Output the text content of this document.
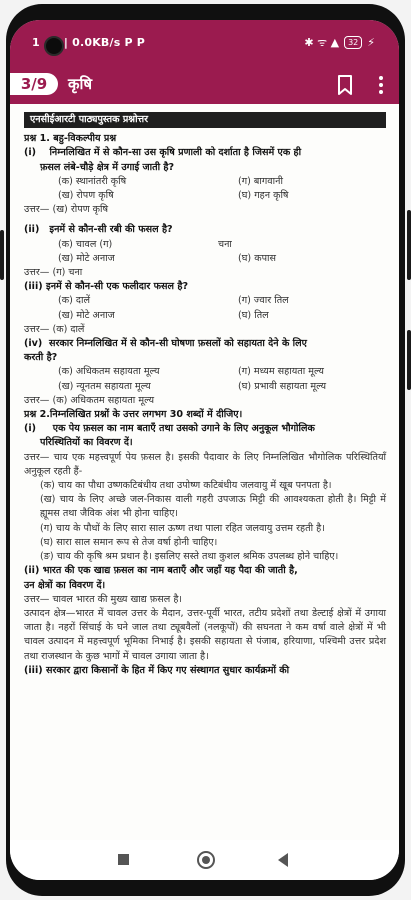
1 | 0.0KB/s P P	✱ ᯤ ▲	32 ⚡
3/9	कृषि
एनसीईआरटी पाठ्यपुस्तक प्रश्नोत्तर
प्रश्न 1. बहु-विकल्पीय प्रश्न
(i) निम्नलिखित में से कौन-सा उस कृषि प्रणाली को दर्शाता है जिसमें एक ही
फ़सल लंबे-चौड़े क्षेत्र में उगाई जाती है?
(क) स्थानांतरी कृषि	(ग) बागवानी
(ख) रोपण कृषि	(घ) गहन कृषि
उत्तर— (ख) रोपण कृषि
(ii) इनमें से कौन-सी रबी की फसल है?
(क) चावल (ग)	चना
(ख) मोटे अनाज	(घ) कपास
उत्तर— (ग) चना
(iii) इनमें से कौन-सी एक फलीदार फसल है?
(क) दालें	(ग) ज्वार तिल
(ख) मोटे अनाज	(घ) तिल
उत्तर— (क) दालें
(iv) सरकार निम्नलिखित में से कौन-सी घोषणा फ़सलों को सहायता देने के लिए
करती है?
(क) अधिकतम सहायता मूल्य	(ग) मध्यम सहायता मूल्य
(ख) न्यूनतम सहायता मूल्य	(घ) प्रभावी सहायता मूल्य
उत्तर— (क) अधिकतम सहायता मूल्य
प्रश्न 2.निम्नलिखित प्रश्नों के उत्तर लगभग 30 शब्दों में दीजिए।
(i) एक पेय फ़सल का नाम बताएँ तथा उसको उगाने के लिए अनुकूल भौगोलिक
परिस्थितियों का विवरण दें।
उत्तर— चाय एक महत्त्वपूर्ण पेय फ़सल है। इसकी पैदावार के लिए निम्नलिखित भौगोलिक परिस्थितियाँ अनुकूल रहती हैं-
(क) चाय का पौधा उष्णकटिबंधीय तथा उपोष्ण कटिबंधीय जलवायु में खूब पनपता है।
(ख) चाय के लिए अच्छे जल-निकास वाली गहरी उपजाऊ मिट्टी की आवश्यकता होती है। मिट्टी में ह्यूमस तथा जैविक अंश भी होना चाहिए।
(ग) चाय के पौधों के लिए सारा साल ऊष्ण तथा पाला रहित जलवायु उत्तम रहती है।
(घ) सारा साल समान रूप से तेज वर्षा होनी चाहिए।
(ङ) चाय की कृषि श्रम प्रधान है। इसलिए सस्ते तथा कुशल श्रमिक उपलब्ध होने चाहिए।
(ii) भारत की एक खाद्य फ़सल का नाम बताएँ और जहाँ यह पैदा की जाती है,
उन क्षेत्रों का विवरण दें।
उत्तर— चावल भारत की मुख्य खाद्य फ़सल है।
उत्पादन क्षेत्र—भारत में चावल उत्तर के मैदान, उत्तर-पूर्वी भारत, तटीय प्रदेशों तथा डेल्टाई क्षेत्रों में उगाया जाता है। नहरों सिंचाई के घने जाल तथा ट्यूबवैलों (नलकूपों) की सघनता ने कम वर्षा वाले क्षेत्रों में भी चावल उत्पादन में महत्त्वपूर्ण भूमिका निभाई है। इसकी सहायता से पंजाब, हरियाणा, पश्चिमी उत्तर प्रदेश तथा राजस्थान के कुछ भागों में चावल उगाया जाता है।
(iii) सरकार द्वारा किसानों के हित में किए गए संस्थागत सुधार कार्यक्रमों की
